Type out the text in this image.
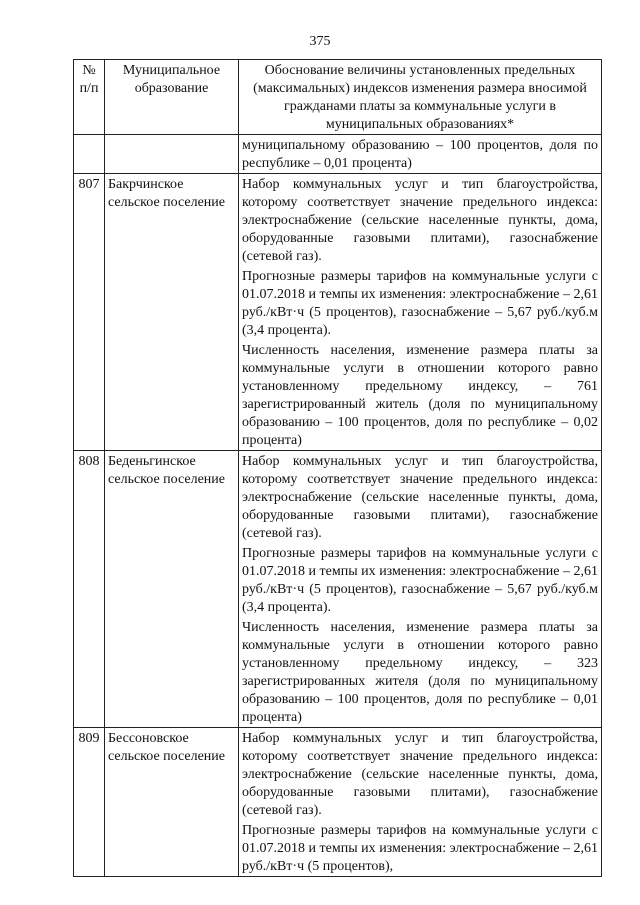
375
№ п/п	Муниципальное образование	Обоснование величины установленных предельных (максимальных) индексов изменения размера вносимой гражданами платы за коммунальные услуги в муниципальных образованиях*

		муниципальному образованию – 100 процентов, доля по республике – 0,01 процента)

807	Бакрчинское сельское поселение	Набор коммунальных услуг и тип благоустройства, которому соответствует значение предельного индекса: электроснабжение (сельские населенные пункты, дома, оборудованные газовыми плитами), газоснабжение (сетевой газ).
Прогнозные размеры тарифов на коммунальные услуги с 01.07.2018 и темпы их изменения: электроснабжение – 2,61 руб./кВт·ч (5 процентов), газоснабжение – 5,67 руб./куб.м (3,4 процента).
Численность населения, изменение размера платы за коммунальные услуги в отношении которого равно установленному предельному индексу, – 761 зарегистрированный житель (доля по муниципальному образованию – 100 процентов, доля по республике – 0,02 процента)

808	Беденьгинское сельское поселение	Набор коммунальных услуг и тип благоустройства, которому соответствует значение предельного индекса: электроснабжение (сельские населенные пункты, дома, оборудованные газовыми плитами), газоснабжение (сетевой газ).
Прогнозные размеры тарифов на коммунальные услуги с 01.07.2018 и темпы их изменения: электроснабжение – 2,61 руб./кВт·ч (5 процентов), газоснабжение – 5,67 руб./куб.м (3,4 процента).
Численность населения, изменение размера платы за коммунальные услуги в отношении которого равно установленному предельному индексу, – 323 зарегистрированных жителя (доля по муниципальному образованию – 100 процентов, доля по республике – 0,01 процента)

809	Бессоновское сельское поселение	Набор коммунальных услуг и тип благоустройства, которому соответствует значение предельного индекса: электроснабжение (сельские населенные пункты, дома, оборудованные газовыми плитами), газоснабжение (сетевой газ).
Прогнозные размеры тарифов на коммунальные услуги с 01.07.2018 и темпы их изменения: электроснабжение – 2,61 руб./кВт·ч (5 процентов),
